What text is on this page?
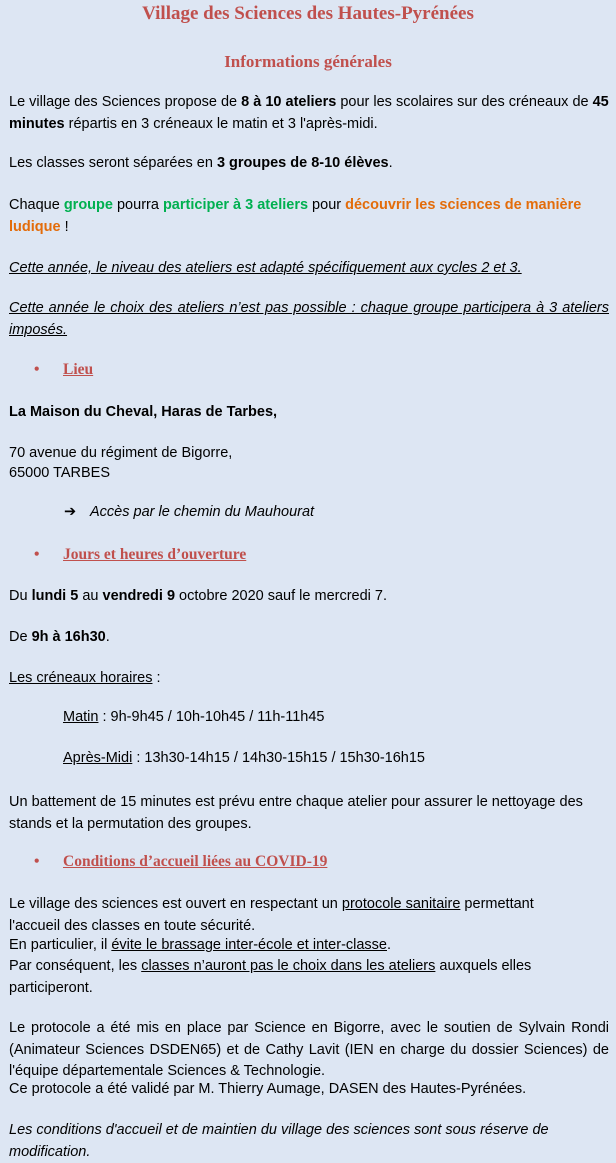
Village des Sciences des Hautes-Pyrénées
Informations générales

Le village des Sciences propose de 8 à 10 ateliers pour les scolaires sur des créneaux de 45 minutes répartis en 3 créneaux le matin et 3 l'après-midi.

Les classes seront séparées en 3 groupes de 8-10 élèves.

Chaque groupe pourra participer à 3 ateliers pour découvrir les sciences de manière ludique !

Cette année, le niveau des ateliers est adapté spécifiquement aux cycles 2 et 3.

Cette année le choix des ateliers n’est pas possible : chaque groupe participera à 3 ateliers imposés.

• Lieu

La Maison du Cheval, Haras de Tarbes,

70 avenue du régiment de Bigorre,

65000 TARBES

➔ Accès par le chemin du Mauhourat
• Jours et heures d’ouverture

Du lundi 5 au vendredi 9 octobre 2020 sauf le mercredi 7.

De 9h à 16h30.

Les créneaux horaires :

Matin : 9h-9h45 / 10h-10h45 / 11h-11h45
Après-Midi : 13h30-14h15 / 14h30-15h15 / 15h30-16h15

Un battement de 15 minutes est prévu entre chaque atelier pour assurer le nettoyage des stands et la permutation des groupes.

• Conditions d’accueil liées au COVID-19

Le village des sciences est ouvert en respectant un protocole sanitaire permettant l'accueil des classes en toute sécurité.

En particulier, il évite le brassage inter-école et inter-classe.

Par conséquent, les classes n’auront pas le choix dans les ateliers auxquels elles participeront.

Le protocole a été mis en place par Science en Bigorre, avec le soutien de Sylvain Rondi (Animateur Sciences DSDEN65) et de Cathy Lavit (IEN en charge du dossier Sciences) de l'équipe départementale Sciences & Technologie.

Ce protocole a été validé par M. Thierry Aumage, DASEN des Hautes-Pyrénées.

Les conditions d'accueil et de maintien du village des sciences sont sous réserve de modification.
